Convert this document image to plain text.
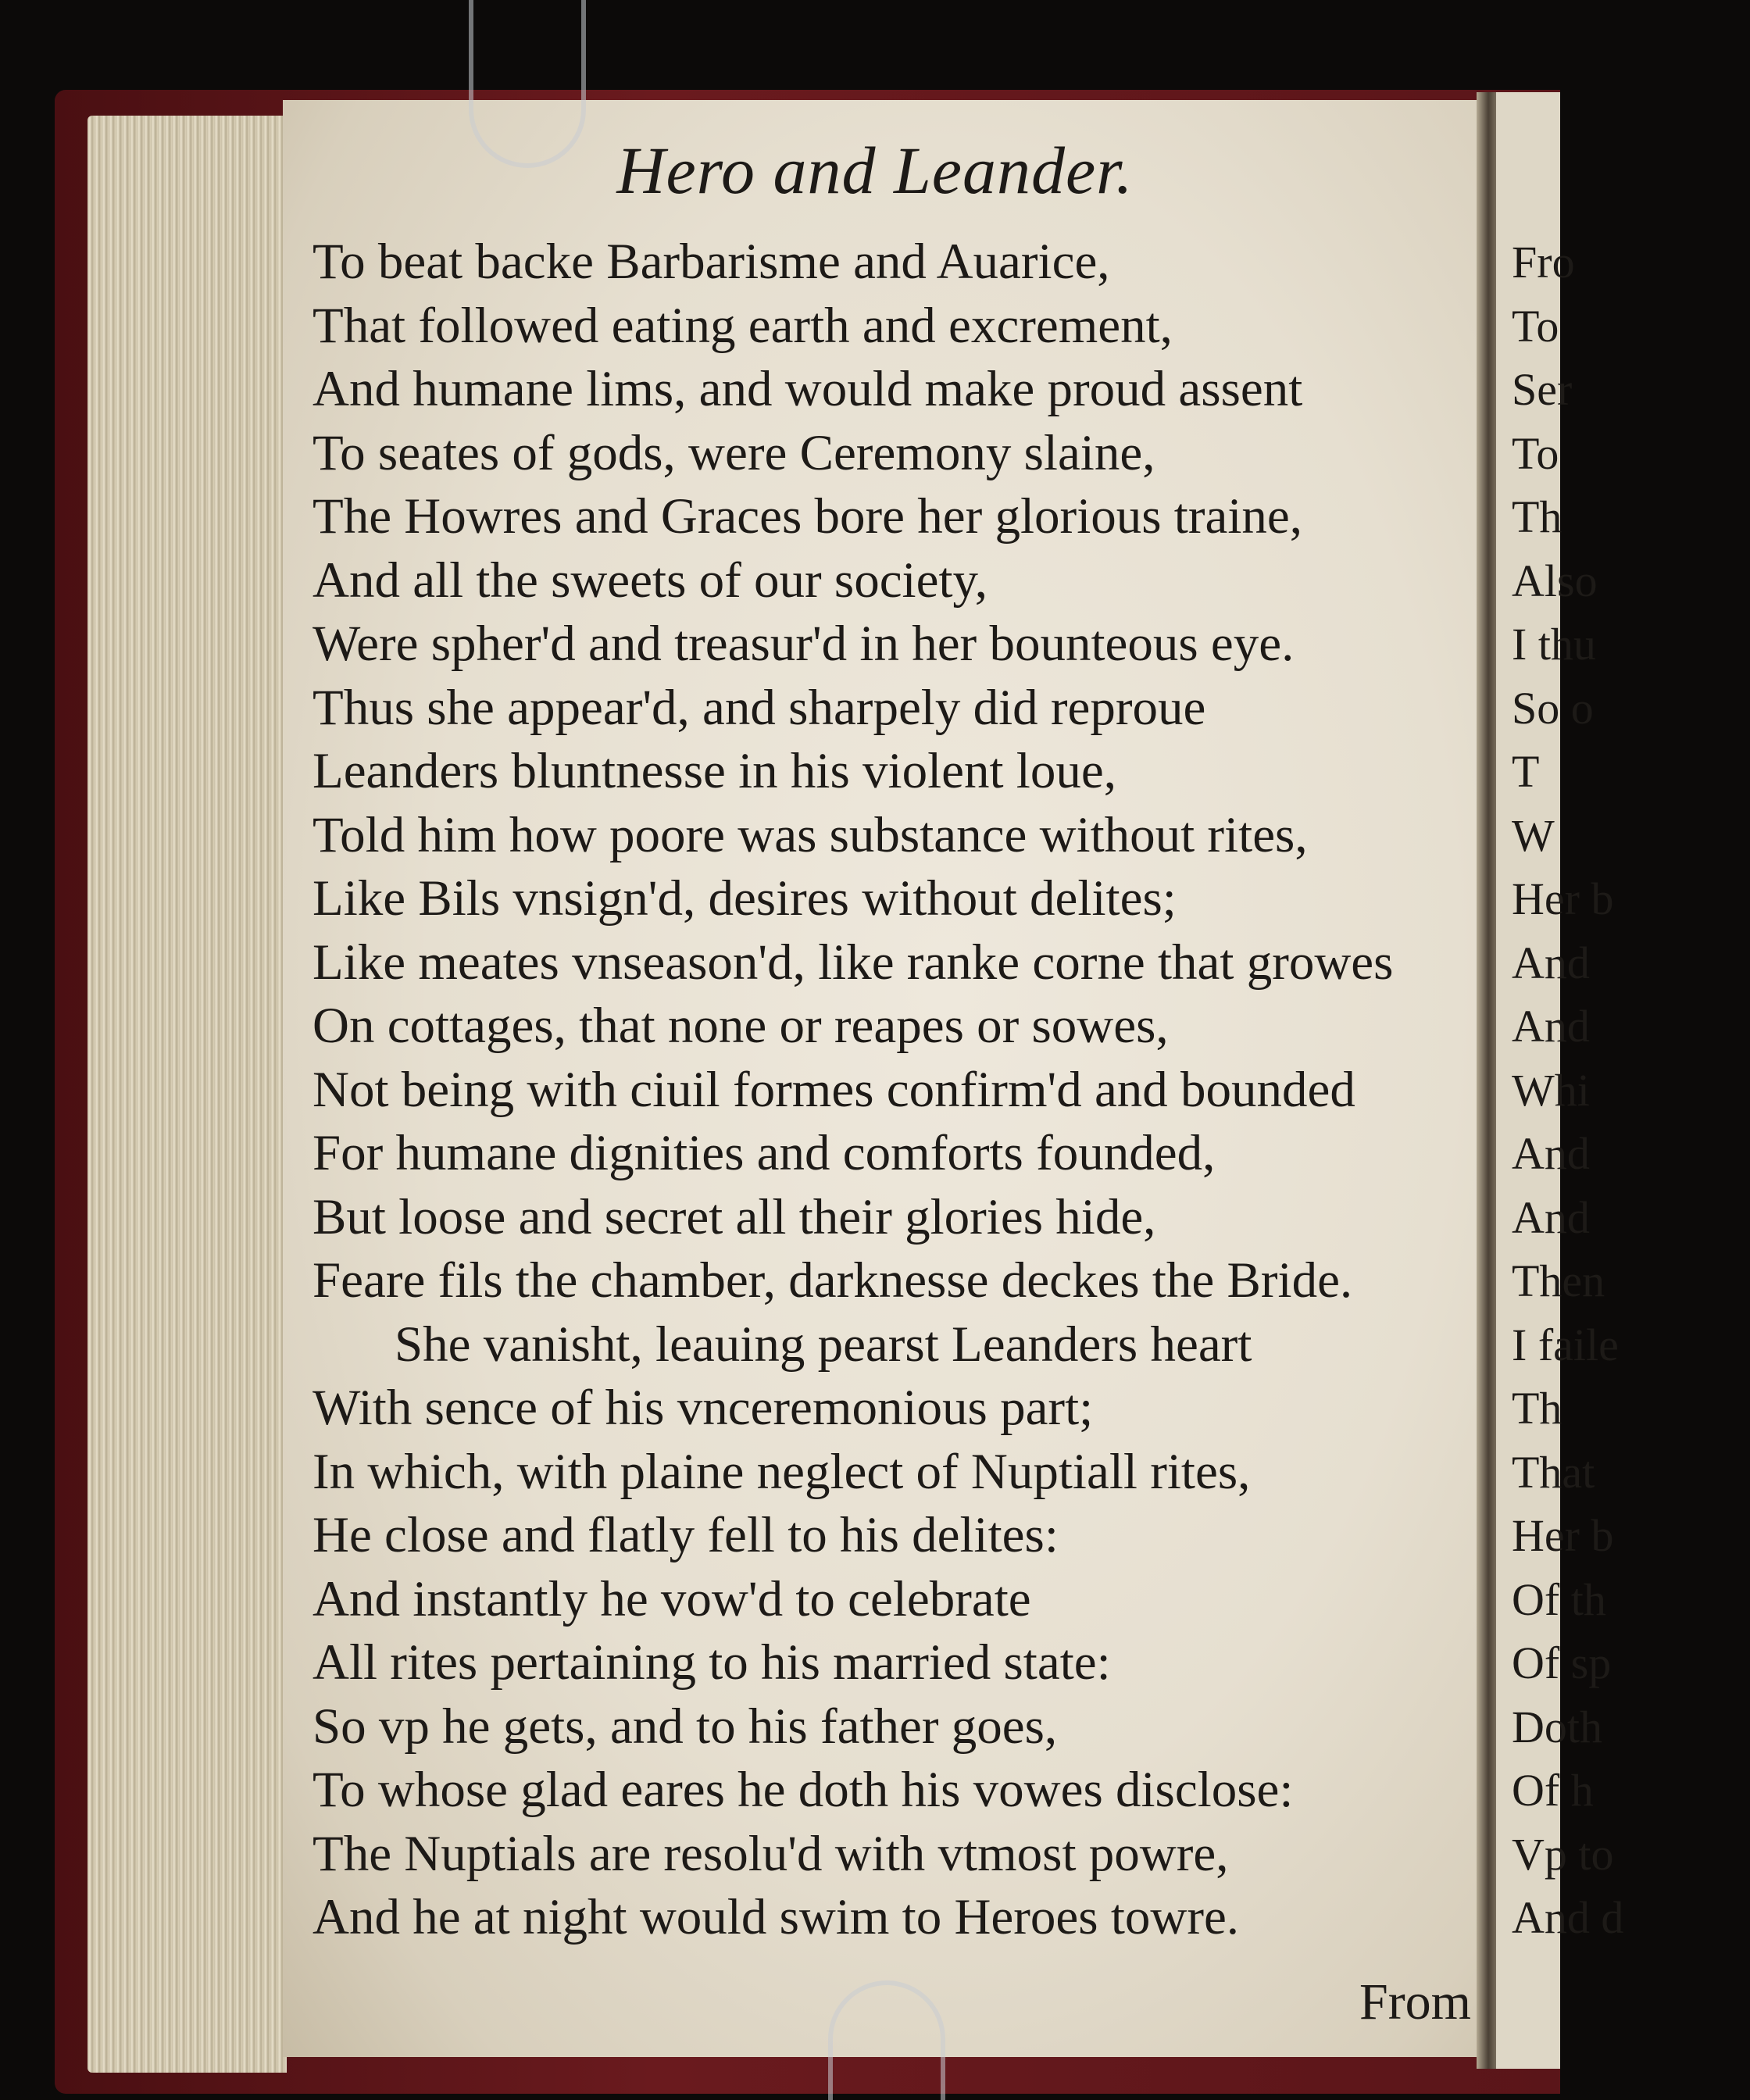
Hero and Leander.
To beat backe Barbarisme and Auarice,
That followed eating earth and excrement,
And humane lims, and would make proud assent
To seates of gods, were Ceremony slaine,
The Howres and Graces bore her glorious traine,
And all the sweets of our society,
Were spher'd and treasur'd in her bounteous eye.
Thus she appear'd, and sharpely did reproue
Leanders bluntnesse in his violent loue,
Told him how poore was substance without rites,
Like Bils vnsign'd, desires without delites;
Like meates vnseason'd, like ranke corne that growes
On cottages, that none or reapes or sowes,
Not being with ciuil formes confirm'd and bounded
For humane dignities and comforts founded,
But loose and secret all their glories hide,
Feare fils the chamber, darknesse deckes the Bride.
She vanisht, leauing pearst Leanders heart
With sence of his vnceremonious part;
In which, with plaine neglect of Nuptiall rites,
He close and flatly fell to his delites:
And instantly he vow'd to celebrate
All rites pertaining to his married state:
So vp he gets, and to his father goes,
To whose glad eares he doth his vowes disclose:
The Nuptials are resolu'd with vtmost powre,
And he at night would swim to Heroes towre.
From
Fro
To
Ser
To
Th
Also
I thu
So o
T
W
Her b
And
And
Whi
And
And
Then
I faile
Th
That
Her b
Of th
Of sp
Doth
Of h
Vp to
And d
